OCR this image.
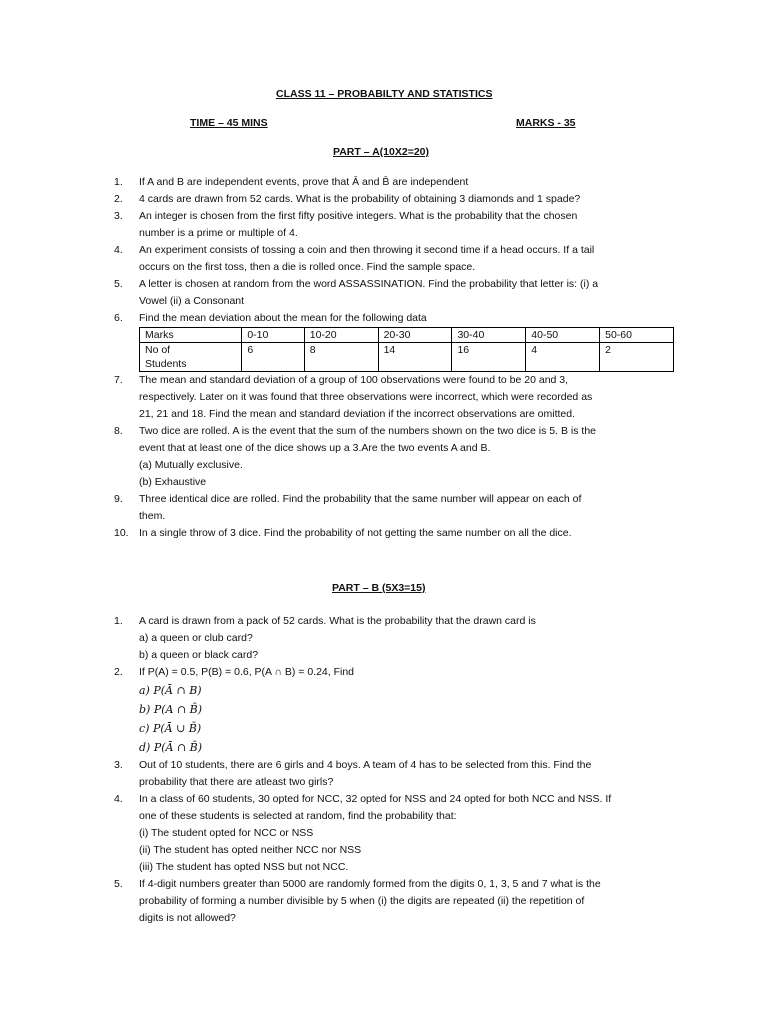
CLASS 11 – PROBABILTY AND STATISTICS
TIME – 45 MINS	MARKS - 35
PART – A(10X2=20)
1.	If A and B are independent events, prove that Ā and B̄ are independent
2.	4 cards are drawn from 52 cards. What is the probability of obtaining 3 diamonds and 1 spade?
3.	An integer is chosen from the first fifty positive integers. What is the probability that the chosen
number is a prime or multiple of 4.
4.	An experiment consists of tossing a coin and then throwing it second time if a head occurs. If a tail
occurs on the first toss, then a die is rolled once. Find the sample space.
5.	A letter is chosen at random from the word ASSASSINATION. Find the probability that letter is: (i) a
Vowel (ii) a Consonant
6.	Find the mean deviation about the mean for the following data
Marks	0-10	10-20	20-30	30-40	40-50	50-60

No of
Students	6	8	14	16	4	2
7.	The mean and standard deviation of a group of 100 observations were found to be 20 and 3,
respectively. Later on it was found that three observations were incorrect, which were recorded as
21, 21 and 18. Find the mean and standard deviation if the incorrect observations are omitted.
8.	Two dice are rolled. A is the event that the sum of the numbers shown on the two dice is 5. B is the
event that at least one of the dice shows up a 3.Are the two events A and B.
(a) Mutually exclusive.
(b) Exhaustive
9.	Three identical dice are rolled. Find the probability that the same number will appear on each of
them.
10. In a single throw of 3 dice. Find the probability of not getting the same number on all the dice.
PART – B (5X3=15)
1.	A card is drawn from a pack of 52 cards. What is the probability that the drawn card is
a) a queen or club card?
b) a queen or black card?
2.	If P(A) = 0.5, P(B) = 0.6, P(A ∩ B) = 0.24, Find
a) P(Ā ∩ B)
b) P(A ∩ B̄)
c) P(Ā ∪ B̄)
d) P(Ā ∩ B̄)
3.	Out of 10 students, there are 6 girls and 4 boys. A team of 4 has to be selected from this. Find the
probability that there are atleast two girls?
4.	In a class of 60 students, 30 opted for NCC, 32 opted for NSS and 24 opted for both NCC and NSS. If
one of these students is selected at random, find the probability that:
(i) The student opted for NCC or NSS
(ii) The student has opted neither NCC nor NSS
(iii) The student has opted NSS but not NCC.
5.	If 4-digit numbers greater than 5000 are randomly formed from the digits 0, 1, 3, 5 and 7 what is the
probability of forming a number divisible by 5 when (i) the digits are repeated (ii) the repetition of
digits is not allowed?
